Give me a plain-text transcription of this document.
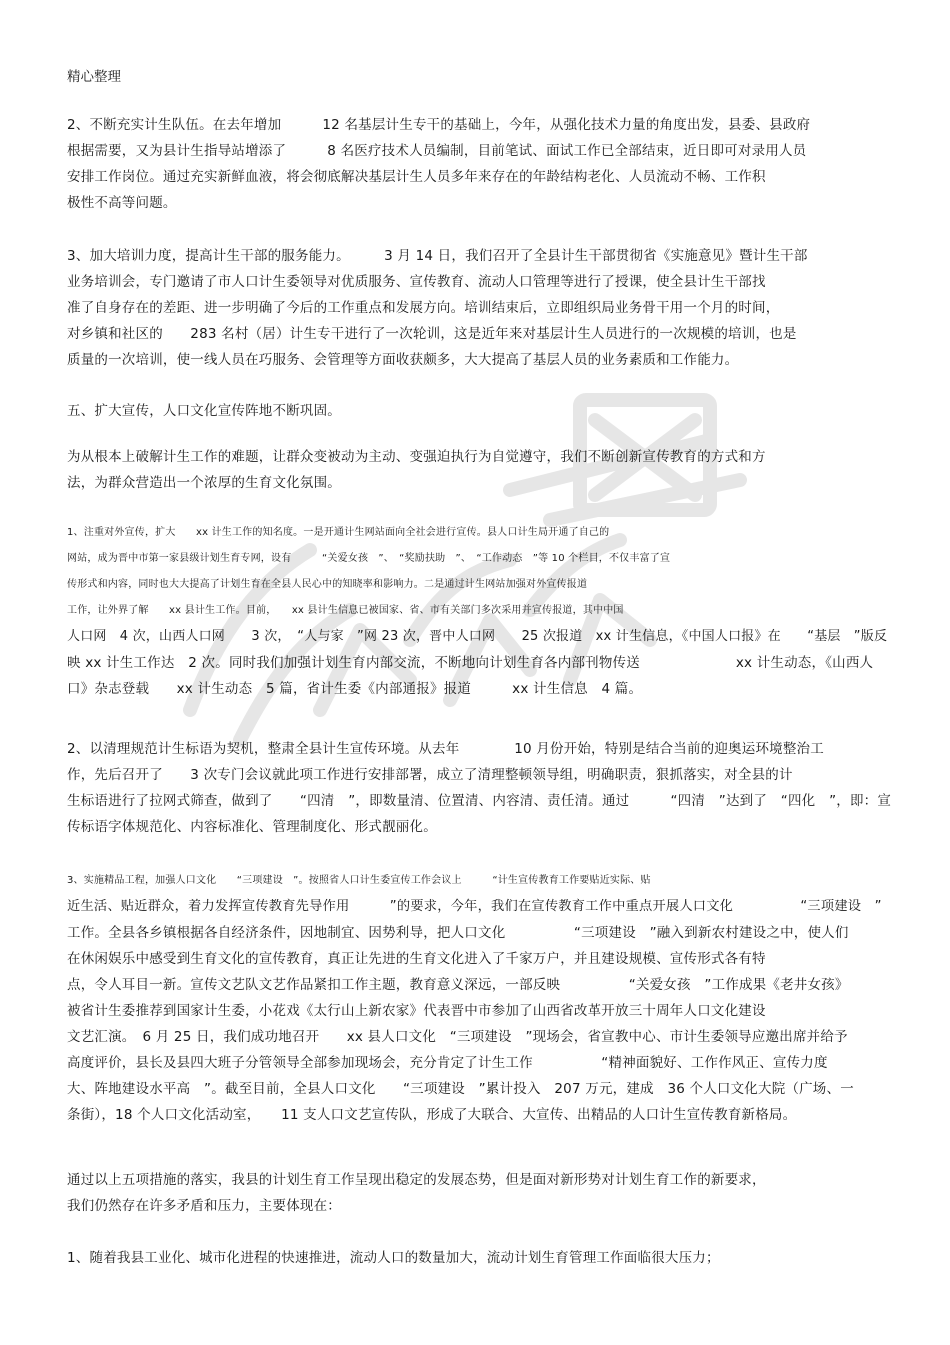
精心整理
2、不断充实计生队伍。在去年增加　　　12 名基层计生专干的基础上，今年，从强化技术力量的角度出发，县委、县政府
根据需要，又为县计生指导站增添了　　　8 名医疗技术人员编制，目前笔试、面试工作已全部结束，近日即可对录用人员
安排工作岗位。通过充实新鲜血液，将会彻底解决基层计生人员多年来存在的年龄结构老化、人员流动不畅、工作积
极性不高等问题。
3、加大培训力度，提高计生干部的服务能力。　　　3 月 14 日，我们召开了全县计生干部贯彻省《实施意见》暨计生干部
业务培训会，专门邀请了市人口计生委领导对优质服务、宣传教育、流动人口管理等进行了授课，使全县计生干部找
准了自身存在的差距、进一步明确了今后的工作重点和发展方向。培训结束后，立即组织局业务骨干用一个月的时间，
对乡镇和社区的　　283 名村（居）计生专干进行了一次轮训，这是近年来对基层计生人员进行的一次规模的培训，也是
质量的一次培训，使一线人员在巧服务、会管理等方面收获颇多，大大提高了基层人员的业务素质和工作能力。
五、扩大宣传，人口文化宣传阵地不断巩固。
为从根本上破解计生工作的难题，让群众变被动为主动、变强迫执行为自觉遵守，我们不断创新宣传教育的方式和方
法，为群众营造出一个浓厚的生育文化氛围。
1、注重对外宣传，扩大　　xx 计生工作的知名度。一是开通计生网站面向全社会进行宣传。县人口计生局开通了自己的
网站，成为晋中市第一家县级计划生育专网，设有　　　“关爱女孩　”、　“奖励扶助　”、　“工作动态　”等 10 个栏目，不仅丰富了宣
传形式和内容，同时也大大提高了计划生育在全县人民心中的知晓率和影响力。二是通过计生网站加强对外宣传报道
工作，让外界了解　　xx 县计生工作。目前，　　xx 县计生信息已被国家、省、市有关部门多次采用并宣传报道，其中中国
人口网　4 次，山西人口网　　3 次，　“人与家　”网 23 次，晋中人口网　　25 次报道　xx 计生信息，《中国人口报》在　　“基层　”版反
映 xx 计生工作达　2 次。同时我们加强计划生育内部交流，不断地向计划生育各内部刊物传送　　　　　　　xx 计生动态，《山西人
口》杂志登载　　xx 计生动态　5 篇，省计生委《内部通报》报道　　　xx 计生信息　4 篇。
2、以清理规范计生标语为契机，整肃全县计生宣传环境。从去年　　　　10 月份开始，特别是结合当前的迎奥运环境整治工
作，先后召开了　　3 次专门会议就此项工作进行安排部署，成立了清理整顿领导组，明确职责，狠抓落实，对全县的计
生标语进行了拉网式筛查，做到了　　“四清　”，即数量清、位置清、内容清、责任清。通过　　　“四清　”达到了　“四化　”，即：宣
传标语字体规范化、内容标准化、管理制度化、形式靓丽化。
3、实施精品工程，加强人口文化　　“三项建设　”。按照省人口计生委宣传工作会议上　　　“计生宣传教育工作要贴近实际、贴
近生活、贴近群众，着力发挥宣传教育先导作用　　　”的要求，今年，我们在宣传教育工作中重点开展人口文化　　　　　“三项建设　”
工作。全县各乡镇根据各自经济条件，因地制宜、因势利导，把人口文化　　　　　“三项建设　”融入到新农村建设之中，使人们
在休闲娱乐中感受到生育文化的宣传教育，真正让先进的生育文化进入了千家万户，并且建设规模、宣传形式各有特
点，令人耳目一新。宣传文艺队文艺作品紧扣工作主题，教育意义深远，一部反映　　　　　“关爱女孩　”工作成果《老井女孩》
被省计生委推荐到国家计生委，小花戏《太行山上新农家》代表晋中市参加了山西省改革开放三十周年人口文化建设
文艺汇演。　6 月 25 日，我们成功地召开　　xx 县人口文化　“三项建设　”现场会，省宣教中心、市计生委领导应邀出席并给予
高度评价，县长及县四大班子分管领导全部参加现场会，充分肯定了计生工作　　　　　“精神面貌好、工作作风正、宣传力度
大、阵地建设水平高　”。截至目前，全县人口文化　　“三项建设　”累计投入　207 万元，建成　36 个人口文化大院（广场、一
条街），18 个人口文化活动室，　　11 支人口文艺宣传队，形成了大联合、大宣传、出精品的人口计生宣传教育新格局。
通过以上五项措施的落实，我县的计划生育工作呈现出稳定的发展态势，但是面对新形势对计划生育工作的新要求，
我们仍然存在许多矛盾和压力，主要体现在：
1、随着我县工业化、城市化进程的快速推进，流动人口的数量加大，流动计划生育管理工作面临很大压力；
